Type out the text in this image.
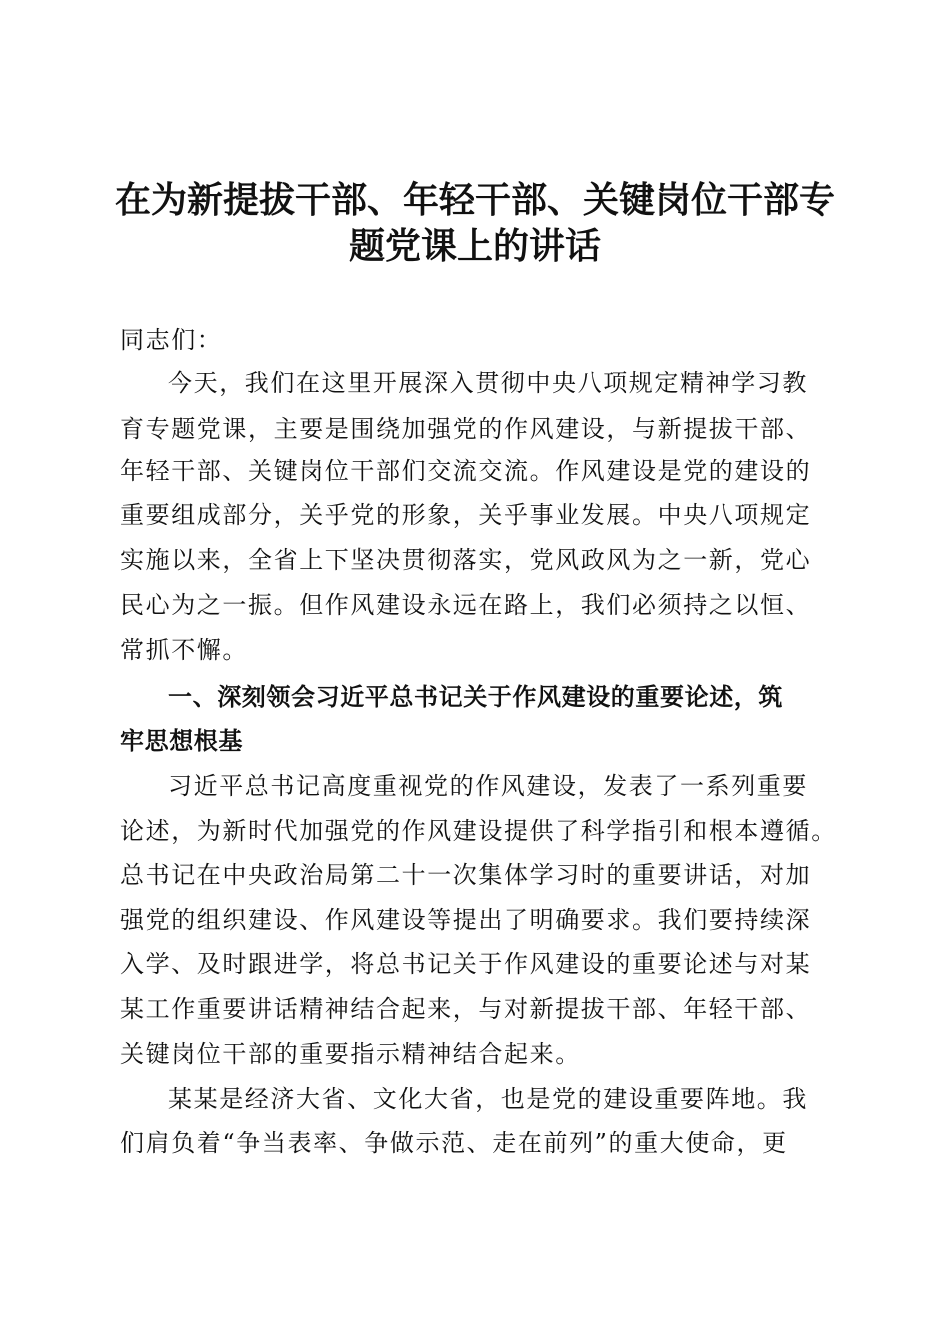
在为新提拔干部、年轻干部、关键岗位干部专
题党课上的讲话
同志们：
今天，我们在这里开展深入贯彻中央八项规定精神学习教
育专题党课，主要是围绕加强党的作风建设，与新提拔干部、
年轻干部、关键岗位干部们交流交流。作风建设是党的建设的
重要组成部分，关乎党的形象，关乎事业发展。中央八项规定
实施以来，全省上下坚决贯彻落实，党风政风为之一新，党心
民心为之一振。但作风建设永远在路上，我们必须持之以恒、
常抓不懈。
一、深刻领会习近平总书记关于作风建设的重要论述，筑
牢思想根基
习近平总书记高度重视党的作风建设，发表了一系列重要
论述，为新时代加强党的作风建设提供了科学指引和根本遵循。
总书记在中央政治局第二十一次集体学习时的重要讲话，对加
强党的组织建设、作风建设等提出了明确要求。我们要持续深
入学、及时跟进学，将总书记关于作风建设的重要论述与对某
某工作重要讲话精神结合起来，与对新提拔干部、年轻干部、
关键岗位干部的重要指示精神结合起来。
某某是经济大省、文化大省，也是党的建设重要阵地。我
们肩负着“争当表率、争做示范、走在前列”的重大使命，更
